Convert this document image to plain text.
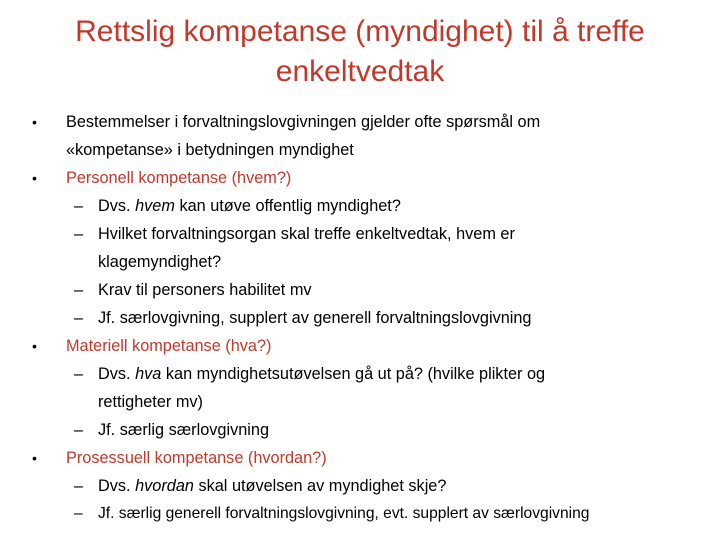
Rettslig kompetanse (myndighet) til å treffe
enkeltvedtak
• Bestemmelser i forvaltningslovgivningen gjelder ofte spørsmål om
«kompetanse» i betydningen myndighet
• Personell kompetanse (hvem?)
– Dvs. hvem kan utøve offentlig myndighet?
– Hvilket forvaltningsorgan skal treffe enkeltvedtak, hvem er
klagemyndighet?
– Krav til personers habilitet mv
– Jf. særlovgivning, supplert av generell forvaltningslovgivning
• Materiell kompetanse (hva?)
– Dvs. hva kan myndighetsutøvelsen gå ut på? (hvilke plikter og
rettigheter mv)
– Jf. særlig særlovgivning
• Prosessuell kompetanse (hvordan?)
– Dvs. hvordan skal utøvelsen av myndighet skje?
– Jf. særlig generell forvaltningslovgivning, evt. supplert av særlovgivning
